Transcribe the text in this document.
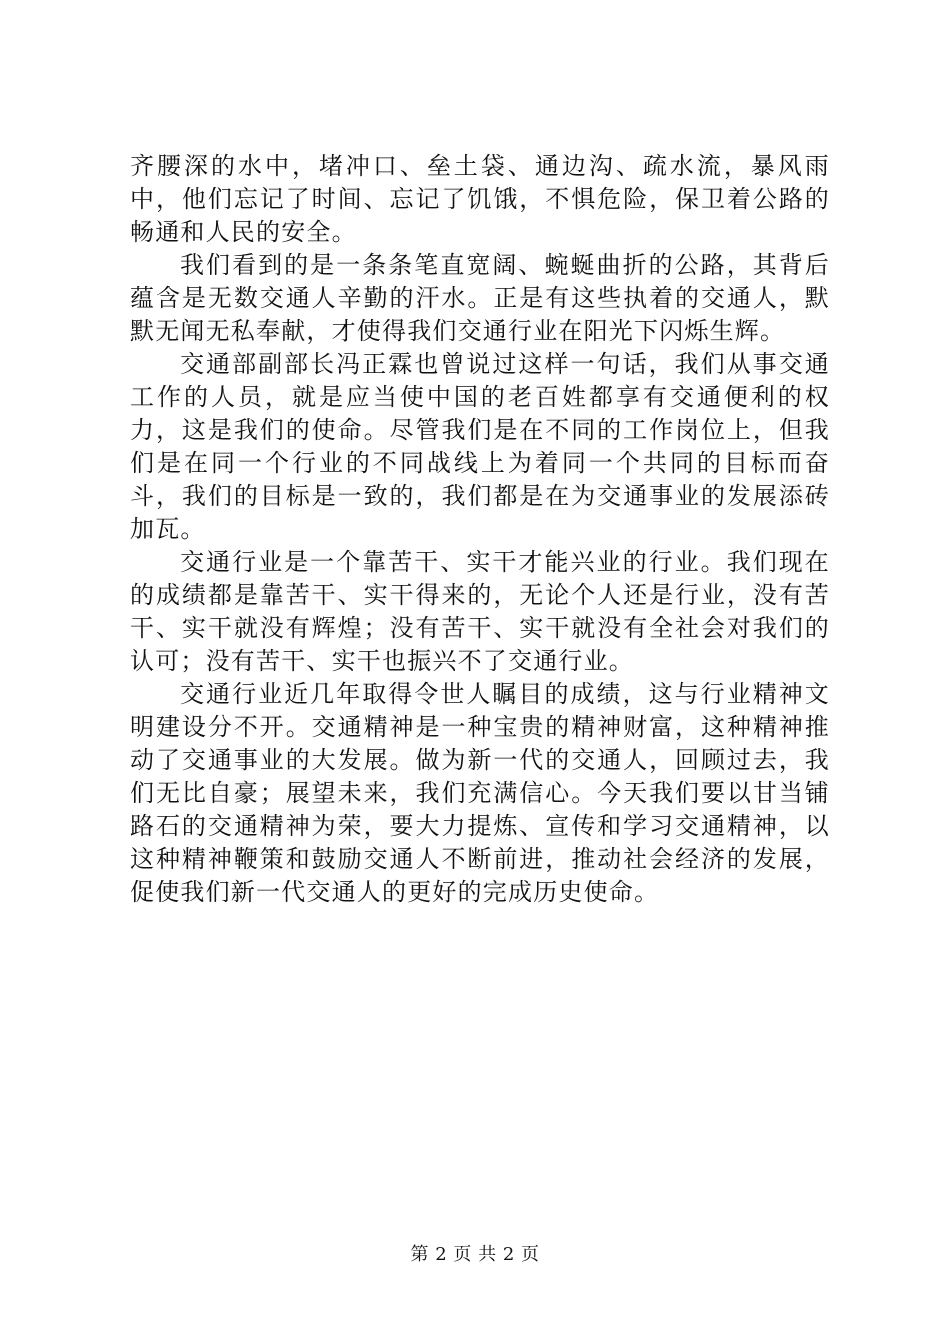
齐腰深的水中，堵冲口、垒土袋、通边沟、疏水流，暴风雨中，他们忘记了时间、忘记了饥饿，不惧危险，保卫着公路的畅通和人民的安全。

我们看到的是一条条笔直宽阔、蜿蜒曲折的公路，其背后蕴含是无数交通人辛勤的汗水。正是有这些执着的交通人，默默无闻无私奉献，才使得我们交通行业在阳光下闪烁生辉。

交通部副部长冯正霖也曾说过这样一句话，我们从事交通工作的人员，就是应当使中国的老百姓都享有交通便利的权力，这是我们的使命。尽管我们是在不同的工作岗位上，但我们是在同一个行业的不同战线上为着同一个共同的目标而奋斗，我们的目标是一致的，我们都是在为交通事业的发展添砖加瓦。

交通行业是一个靠苦干、实干才能兴业的行业。我们现在的成绩都是靠苦干、实干得来的，无论个人还是行业，没有苦干、实干就没有辉煌；没有苦干、实干就没有全社会对我们的认可；没有苦干、实干也振兴不了交通行业。

交通行业近几年取得令世人瞩目的成绩，这与行业精神文明建设分不开。交通精神是一种宝贵的精神财富，这种精神推动了交通事业的大发展。做为新一代的交通人，回顾过去，我们无比自豪；展望未来，我们充满信心。今天我们要以甘当铺路石的交通精神为荣，要大力提炼、宣传和学习交通精神，以这种精神鞭策和鼓励交通人不断前进，推动社会经济的发展，促使我们新一代交通人的更好的完成历史使命。

第 2 页 共 2 页
